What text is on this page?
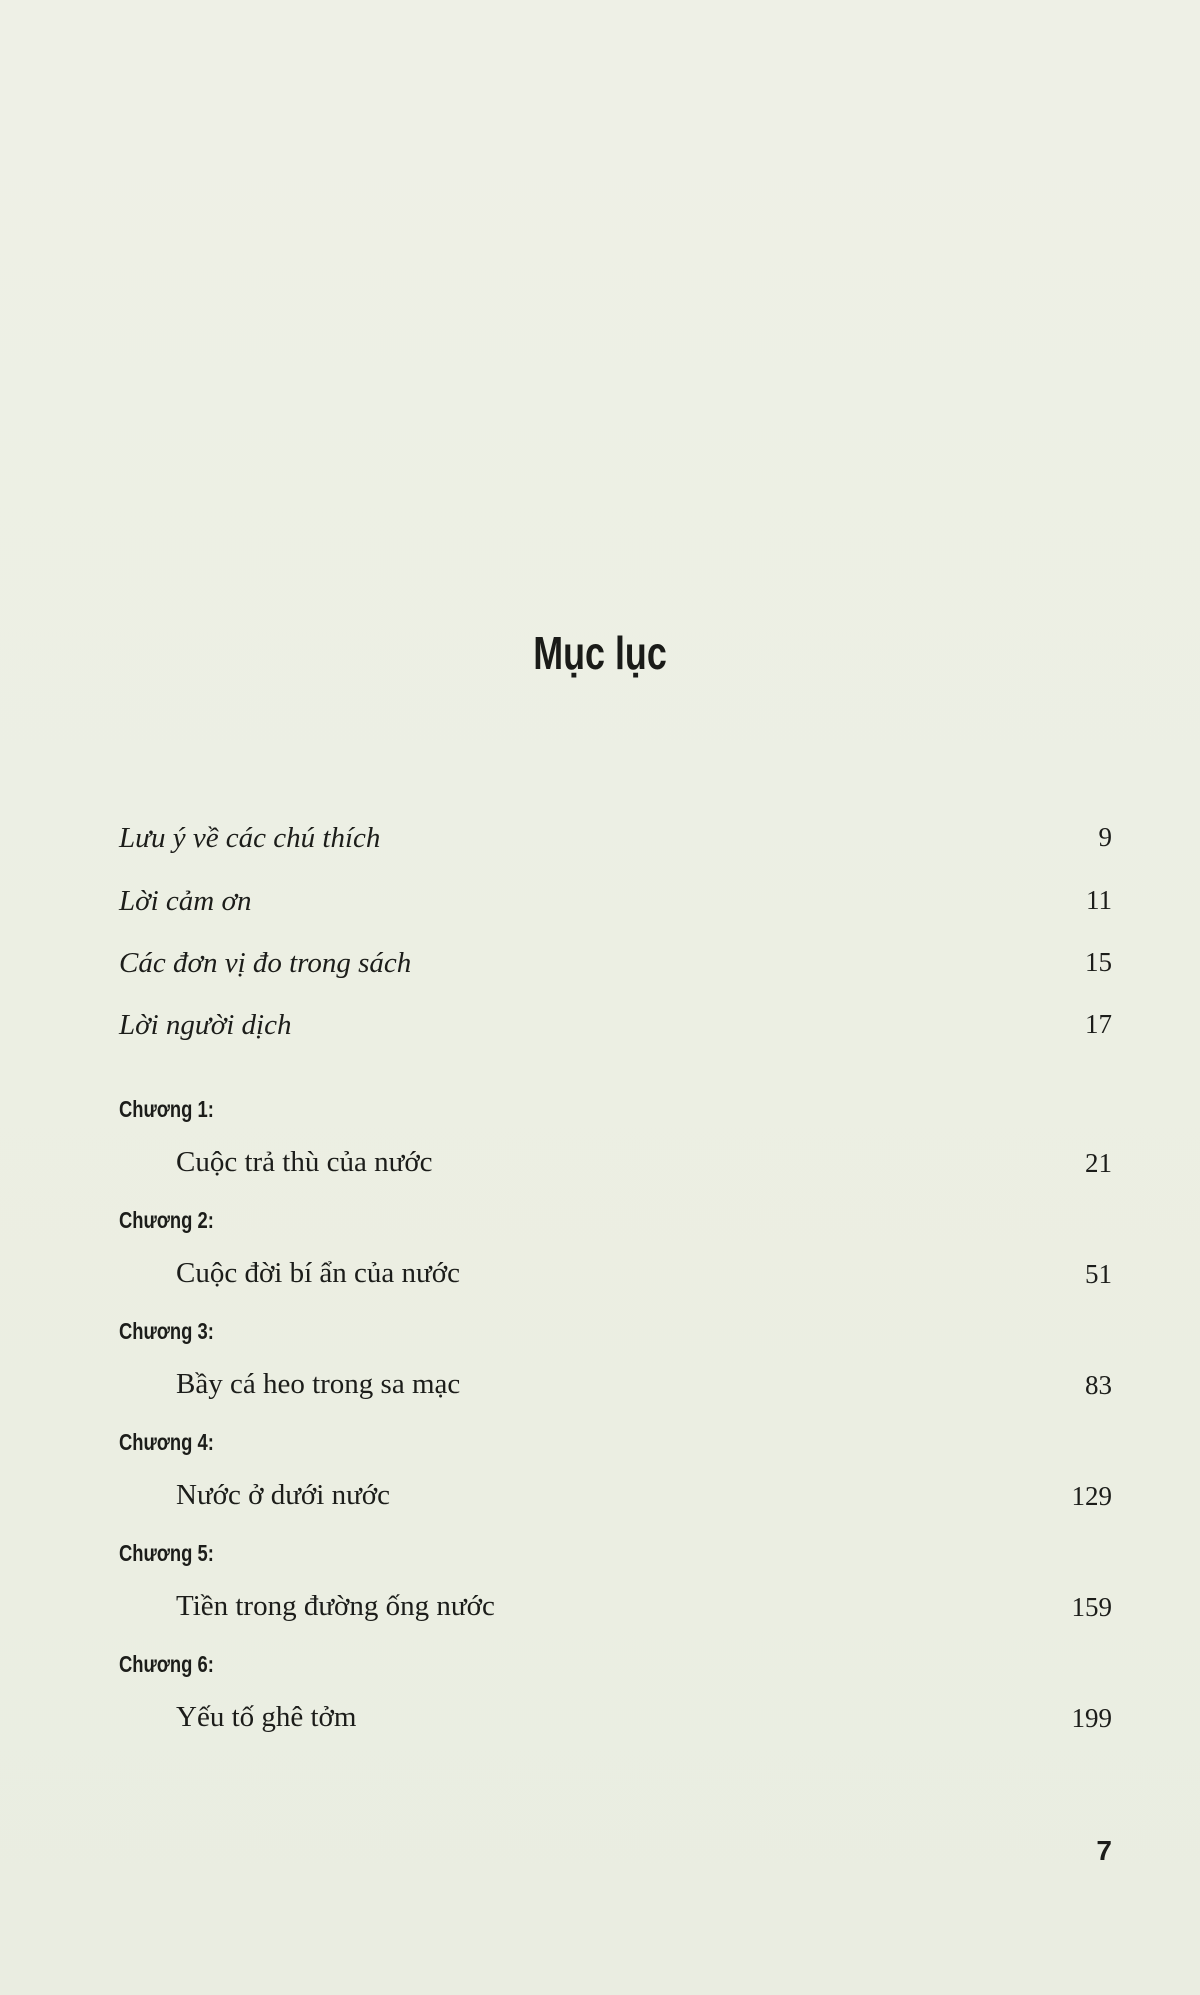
Mục lục
Lưu ý về các chú thích	9
Lời cảm ơn	11
Các đơn vị đo trong sách	15
Lời người dịch	17
Chương 1:
Cuộc trả thù của nước	21
Chương 2:
Cuộc đời bí ẩn của nước	51
Chương 3:
Bầy cá heo trong sa mạc	83
Chương 4:
Nước ở dưới nước	129
Chương 5:
Tiền trong đường ống nước	159
Chương 6:
Yếu tố ghê tởm	199
7
